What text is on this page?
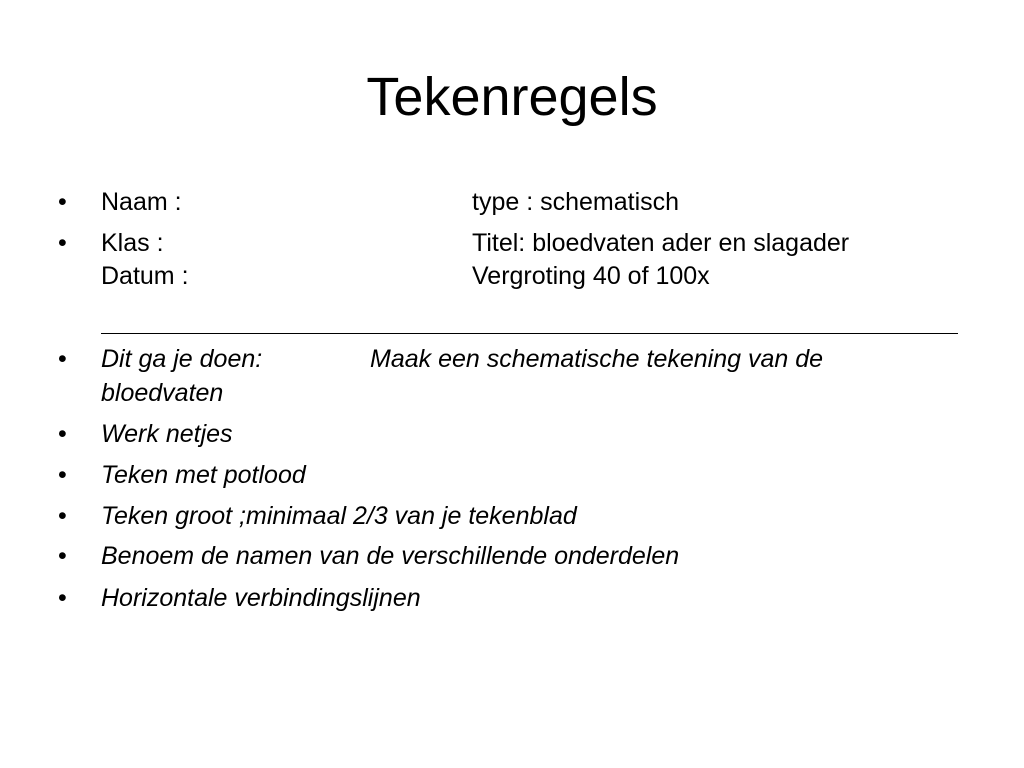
Tekenregels
•	Naam :	type : schematisch
•	Klas :	Titel: bloedvaten ader en slagader
Datum :	Vergroting 40 of 100x
•	Dit ga je doen:	Maak een schematische tekening van de
bloedvaten
•	Werk netjes
•	Teken met potlood
•	Teken groot ;minimaal 2/3 van je tekenblad
•	Benoem de namen van de verschillende onderdelen
•	Horizontale verbindingslijnen
